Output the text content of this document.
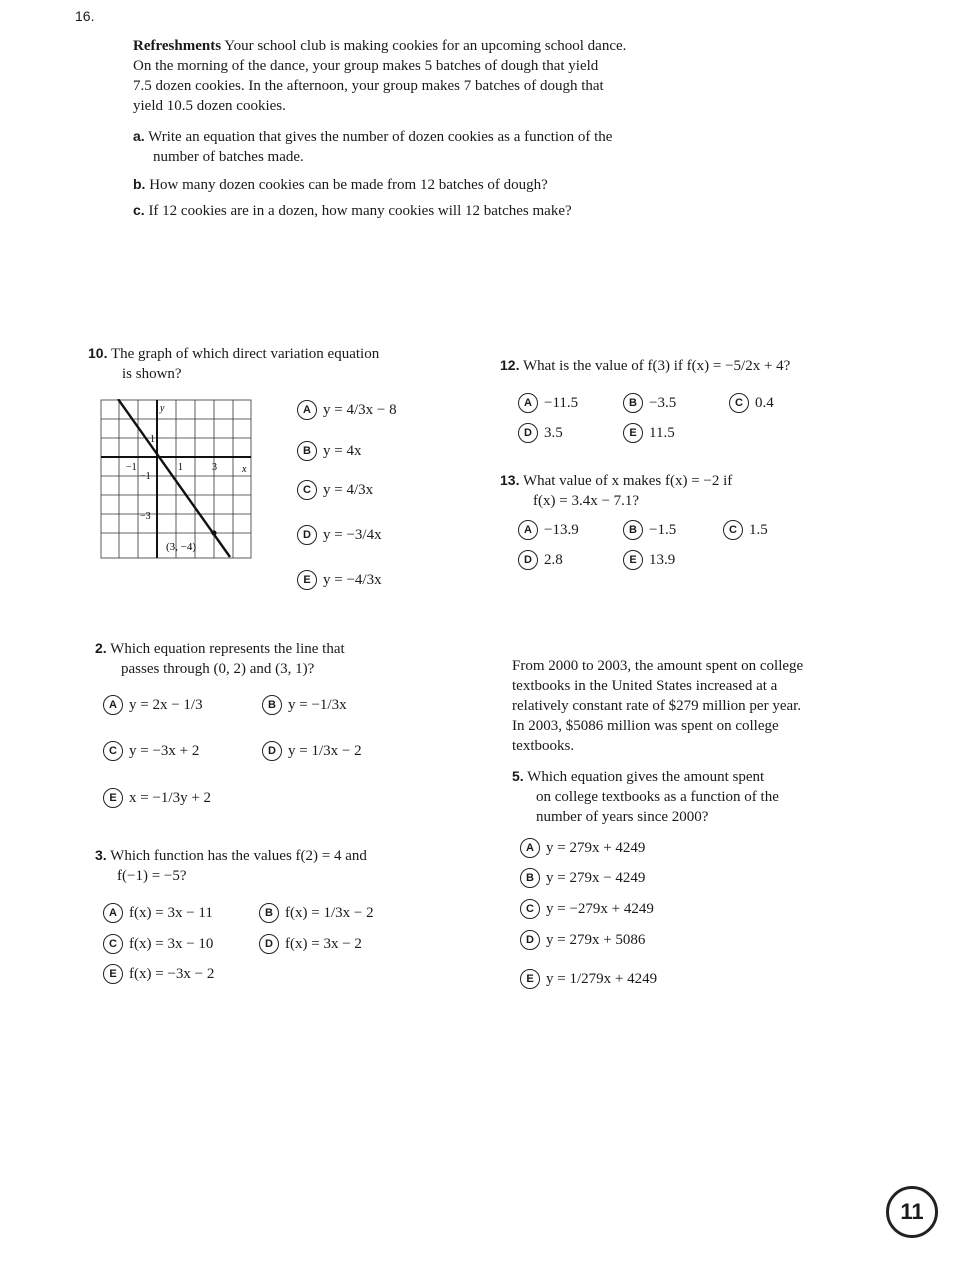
16.
Refreshments Your school club is making cookies for an upcoming school dance.
On the morning of the dance, your group makes 5 batches of dough that yield
7.5 dozen cookies. In the afternoon, your group makes 7 batches of dough that
yield 10.5 dozen cookies.
a. Write an equation that gives the number of dozen cookies as a function of the
number of batches made.
b. How many dozen cookies can be made from 12 batches of dough?
c. If 12 cookies are in a dozen, how many cookies will 12 batches make?
10. The graph of which direct variation equation
is shown?
y
x
1
−1	1	3
−1
−3
(3, −4)
A y = 4/3x − 8
B y = 4x
C y = 4/3x
D y = −3/4x
E y = −4/3x
12. What is the value of f(3) if f(x) = −5/2x + 4?
A −11.5	B −3.5	C 0.4
D 3.5	E 11.5
13. What value of x makes f(x) = −2 if
f(x) = 3.4x − 7.1?
A −13.9	B −1.5	C 1.5
D 2.8	E 13.9
2. Which equation represents the line that
passes through (0, 2) and (3, 1)?
A y = 2x − 1/3	B y = −1/3x
C y = −3x + 2	D y = 1/3x − 2
E x = −1/3y + 2
3. Which function has the values f(2) = 4 and
f(−1) = −5?
A f(x) = 3x − 11	B f(x) = 1/3x − 2
C f(x) = 3x − 10	D f(x) = 3x − 2
E f(x) = −3x − 2
From 2000 to 2003, the amount spent on college
textbooks in the United States increased at a
relatively constant rate of $279 million per year.
In 2003, $5086 million was spent on college
textbooks.
5. Which equation gives the amount spent
on college textbooks as a function of the
number of years since 2000?
A y = 279x + 4249
B y = 279x − 4249
C y = −279x + 4249
D y = 279x + 5086
E y = 1/279x + 4249
11
